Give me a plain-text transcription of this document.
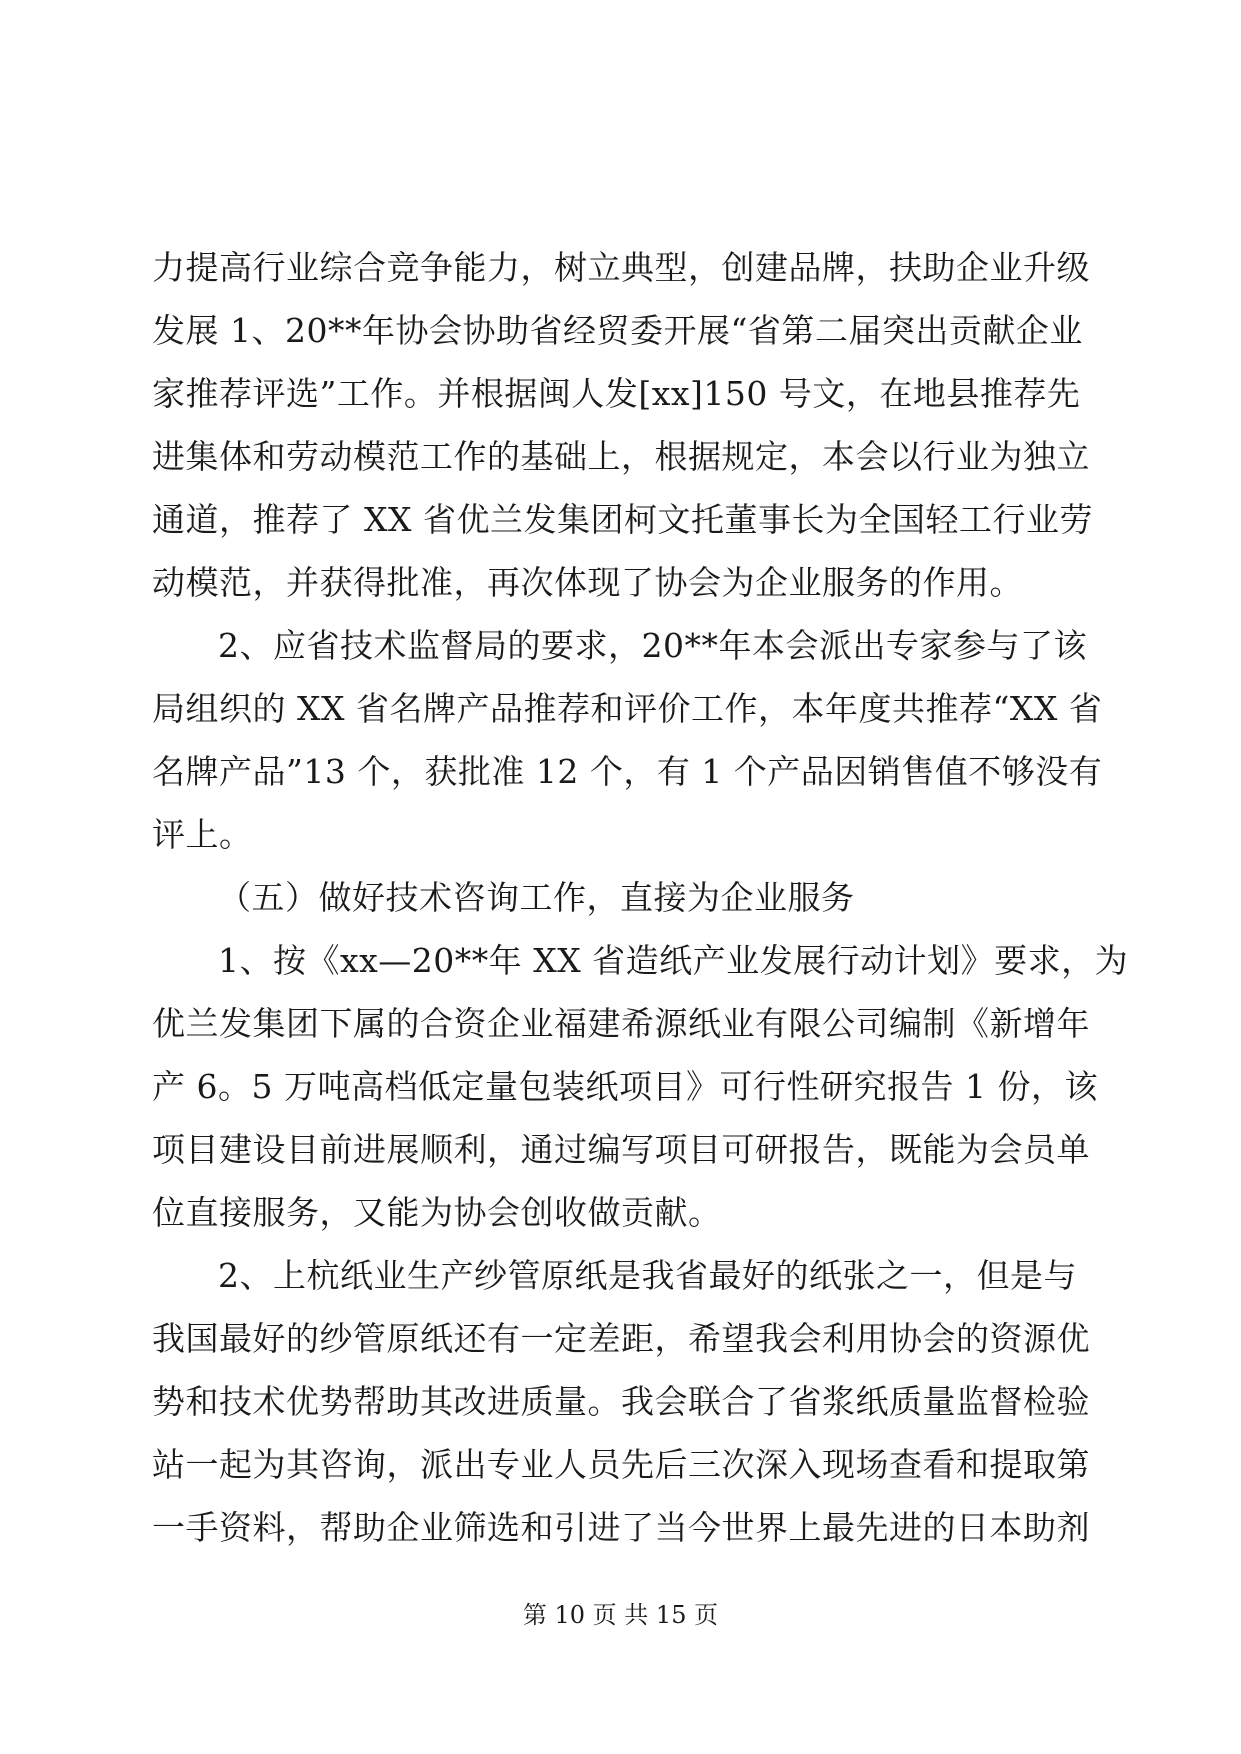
力提高行业综合竞争能力，树立典型，创建品牌，扶助企业升级
发展 1、20**年协会协助省经贸委开展“省第二届突出贡献企业
家推荐评选”工作。并根据闽人发[xx]150 号文，在地县推荐先
进集体和劳动模范工作的基础上，根据规定，本会以行业为独立
通道，推荐了 XX 省优兰发集团柯文托董事长为全国轻工行业劳
动模范，并获得批准，再次体现了协会为企业服务的作用。
2、应省技术监督局的要求，20**年本会派出专家参与了该
局组织的 XX 省名牌产品推荐和评价工作，本年度共推荐“XX 省
名牌产品”13 个，获批准 12 个，有 1 个产品因销售值不够没有
评上。
（五）做好技术咨询工作，直接为企业服务
1、按《xx—20**年 XX 省造纸产业发展行动计划》要求，为
优兰发集团下属的合资企业福建希源纸业有限公司编制《新增年
产 6。5 万吨高档低定量包装纸项目》可行性研究报告 1 份，该
项目建设目前进展顺利，通过编写项目可研报告，既能为会员单
位直接服务，又能为协会创收做贡献。
2、上杭纸业生产纱管原纸是我省最好的纸张之一，但是与
我国最好的纱管原纸还有一定差距，希望我会利用协会的资源优
势和技术优势帮助其改进质量。我会联合了省浆纸质量监督检验
站一起为其咨询，派出专业人员先后三次深入现场查看和提取第
一手资料，帮助企业筛选和引进了当今世界上最先进的日本助剂
第 10 页 共 15 页
